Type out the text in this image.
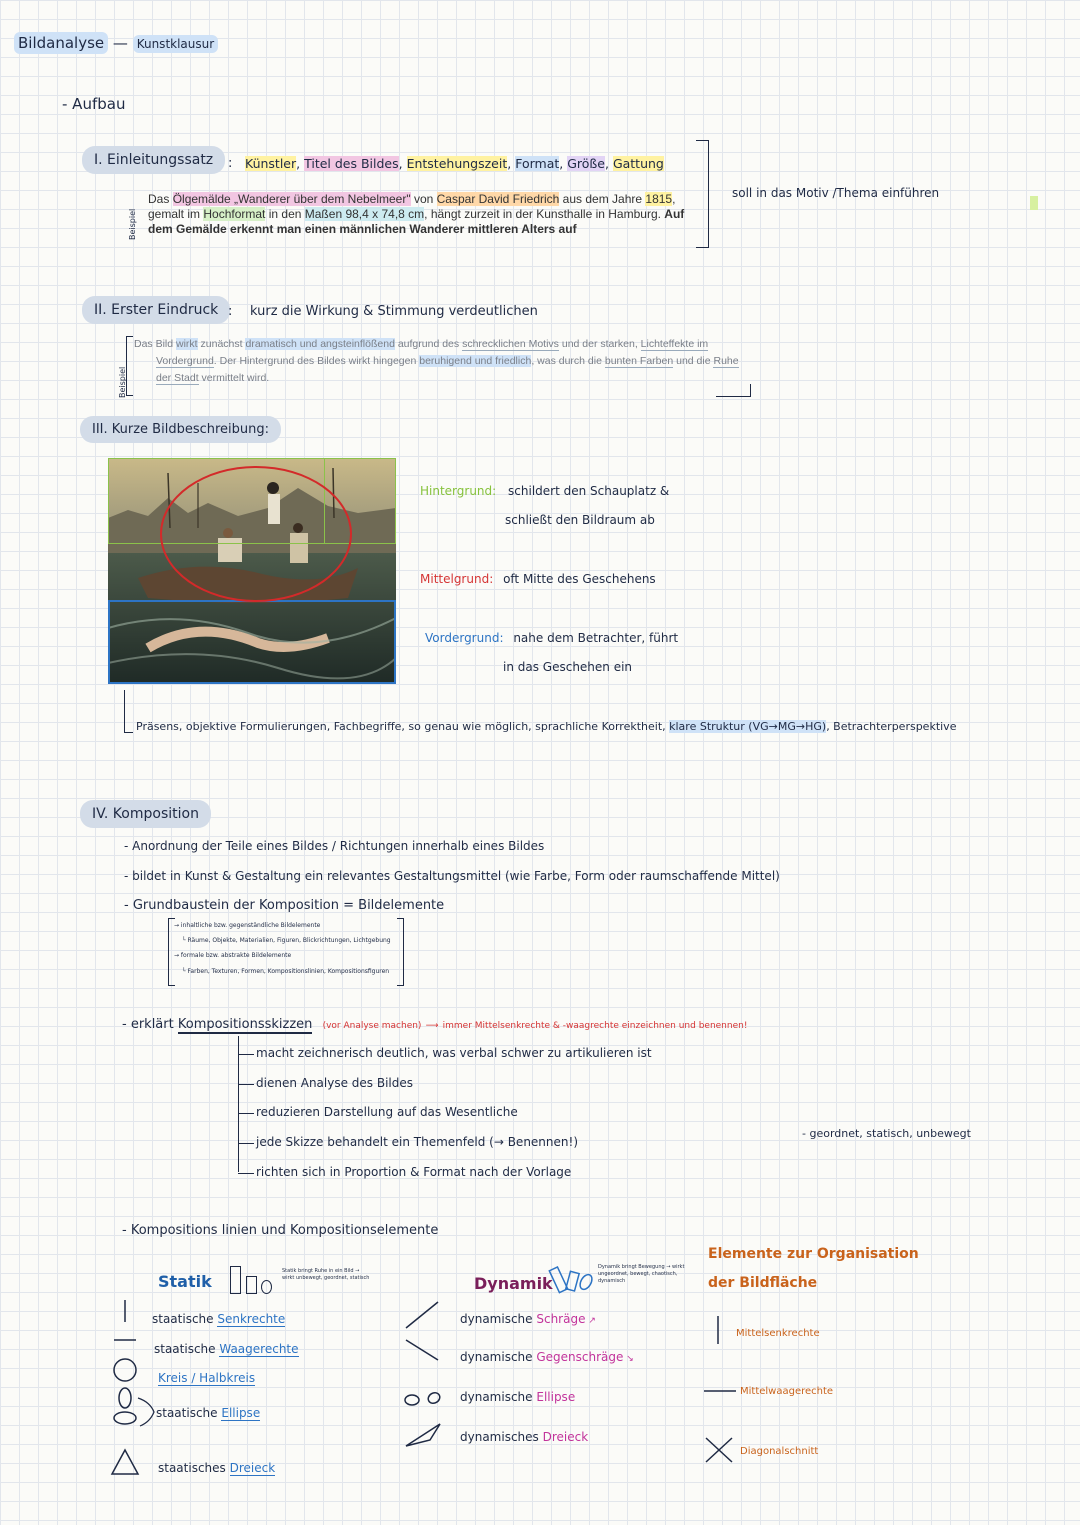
Bildanalyse — Kunstklausur
- Aufbau
I. Einleitungssatz	: Künstler, Titel des Bildes, Entstehungszeit, Format, Größe, Gattung
Beispiel
Das Ölgemälde „Wanderer über dem Nebelmeer" von Caspar David Friedrich aus dem Jahre 1815, gemalt im Hochformat in den Maßen 98,4 x 74,8 cm, hängt zurzeit in der Kunsthalle in Hamburg. Auf dem Gemälde erkennt man einen männlichen Wanderer mittleren Alters auf
soll in das Motiv /Thema einführen
II. Erster Eindruck : kurz die Wirkung & Stimmung verdeutlichen
Beispiel
Das Bild wirkt zunächst dramatisch und angsteinflößend aufgrund des schrecklichen Motivs und der starken, Lichteffekte im Vordergrund. Der Hintergrund des Bildes wirkt hingegen beruhigend und friedlich, was durch die bunten Farben und die Ruhe der Stadt vermittelt wird.
III. Kurze Bildbeschreibung:
Hintergrund: schildert den Schauplatz &
schließt den Bildraum ab
Mittelgrund: oft Mitte des Geschehens
Vordergrund: nahe dem Betrachter, führt
in das Geschehen ein
Präsens, objektive Formulierungen, Fachbegriffe, so genau wie möglich, sprachliche Korrektheit, klare Struktur (VG→MG→HG), Betrachterperspektive
IV. Komposition
- Anordnung der Teile eines Bildes / Richtungen innerhalb eines Bildes
- bildet in Kunst & Gestaltung ein relevantes Gestaltungsmittel (wie Farbe, Form oder raumschaffende Mittel)
- Grundbaustein der Komposition = Bildelemente
→ inhaltliche bzw. gegenständliche Bildelemente
└ Räume, Objekte, Materialien, Figuren, Blickrichtungen, Lichtgebung
→ formale bzw. abstrakte Bildelemente
└ Farben, Texturen, Formen, Kompositionslinien, Kompositionsfiguren
- erklärt Kompositionsskizzen (vor Analyse machen) ⟶ immer Mittelsenkrechte & -waagrechte einzeichnen und benennen!
macht zeichnerisch deutlich, was verbal schwer zu artikulieren ist
dienen Analyse des Bildes
reduzieren Darstellung auf das Wesentliche
jede Skizze behandelt ein Themenfeld (→ Benennen!)
richten sich in Proportion & Format nach der Vorlage
- geordnet, statisch, unbewegt
- Kompositions linien und Kompositionselemente
Statik
Statik bringt Ruhe in ein Bild → wirkt unbewegt, geordnet, statisch
staatische Senkrechte
staatische Waagerechte
Kreis / Halbkreis
staatische Ellipse
staatisches Dreieck
Dynamik
Dynamik bringt Bewegung → wirkt ungeordnet, bewegt, chaotisch, dynamisch
dynamische Schräge ↗
dynamische Gegenschräge ↘
dynamische Ellipse
dynamisches Dreieck
Elemente zur Organisation
der Bildfläche
Mittelsenkrechte
Mittelwaagerechte
Diagonalschnitt
